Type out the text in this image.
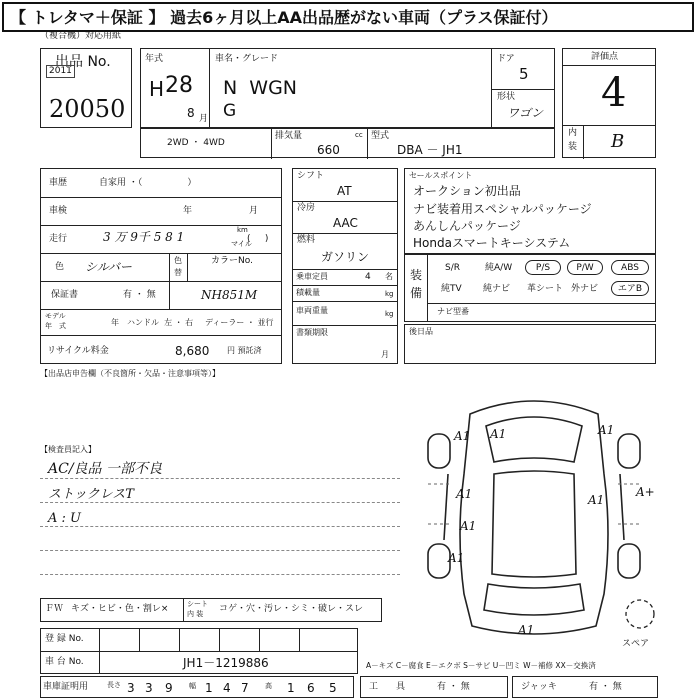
【 トレタマ＋保証 】 過去6ヶ月以上AA出品歴がない車両（プラス保証付）
（複合機）対応用紙
出品 No.
2011
20050
年式
H 28
8 月
車名・グレード
N  WGN
G
ドア
5
形状
ワゴン
評価点
4
内
装 B
2WD ・ 4WD
排気量	cc
660
型式
DBA － JH1
車歴	自家用 ・（　　　　　）
車検	年	月
走行	3 万 9千 5 8 1	km
マイル
(     )
色 シルバー	色
替
カラーNo.
保証書	有 ・ 無	NH851M
モデル
年　式	年 ハンドル  左 ・ 右 ディーラー ・ 並行
リサイクル料金	8,680 円 預託済
【出品店申告欄（不良箇所・欠品・注意事項等）】
シフト
AT
冷房
AAC
燃料
ガソリン
乗車定員	4 名
積載量	kg
車両重量	kg
書類期限
月
セールスポイント
オークション初出品
ナビ装着用スペシャルパッケージ
あんしんパッケージ
Hondaスマートキーシステム
装
備
S/R	純A/W	P/S	P/W	ABS
純TV 純ナビ 革シート 外ナビ	エアB
ナビ型番
後日品
【検査員記入】
AC/良品 一部不良
ストックレスT
A : U
A1 A1	A1
A1	A1
A1
A1
A1
A+
スペア
ＦＷ キズ・ヒビ・色・割レ×	シート
内 装 コゲ・穴・汚レ・シミ・破レ・スレ
登 録 No.
車 台 No.	JH1－1219886	A－キズ C－腐食 E－エクボ S－サビ U－凹ミ W－補修 XX－交換済
車庫証明用	長さ 3 3 9 幅 1 4 7 高 1 6 5	工　　具	有 ・ 無	ジャッキ	有 ・ 無
